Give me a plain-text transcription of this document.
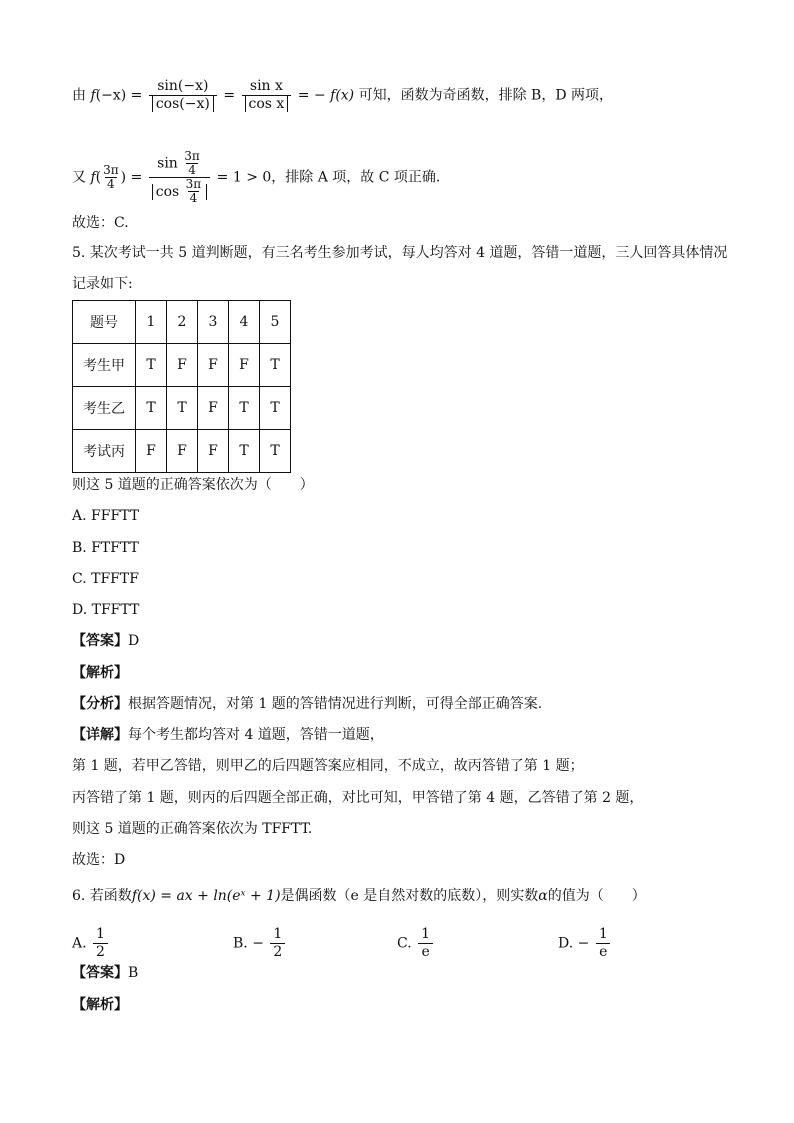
由 $f(-x) = \frac{\sin(-x)}{\cos(-x)} = \frac{\text{sin x}}{\text{cos x}}$ = − f(x) 可知，函数为奇函数，排除 B，D 两项，
又 $f( \frac{3\pi}{4}$ ) = $\frac{\sin \frac{3\pi}{4}}{\cos \frac{3\pi}{4}} = 1 > 0$，排除 A 项，故 C 项正确.
故选：C.
5. 某次考试一共 5 道判断题，有三名考生参加考试，每人均答对 4 道题，答错一道题，三人回答具体情况
记录如下:
题号	1	2	3	4	5
考生甲	T	F	F	F	T
考生乙	T	T	F	T	T
考试丙	F	F	F	T	T
则这 5 道题的正确答案依次为（　　）
A. FFFTT
B. FTFTT
C. TFFTF
D. TFFTT
【答案】D
【解析】
【分析】根据答题情况，对第 1 题的答错情况进行判断，可得全部正确答案.
【详解】每个考生都均答对 4 道题，答错一道题，
第 1 题，若甲乙答错，则甲乙的后四题答案应相同，不成立，故丙答错了第 1 题；
丙答错了第 1 题，则丙的后四题全部正确，对比可知，甲答错了第 4 题，乙答错了第 2 题，
则这 5 道题的正确答案依次为 TFFTT.
故选：D
6. 若函数f(x) = ax + ln(eˣ + 1)是偶函数（e 是自然对数的底数），则实数α的值为（　　）
A. $\frac{1}{2}$	B. − $\frac{1}{2}$	C. $\frac{1}{e}$	D. − $\frac{1}{e}$
【答案】B
【解析】
